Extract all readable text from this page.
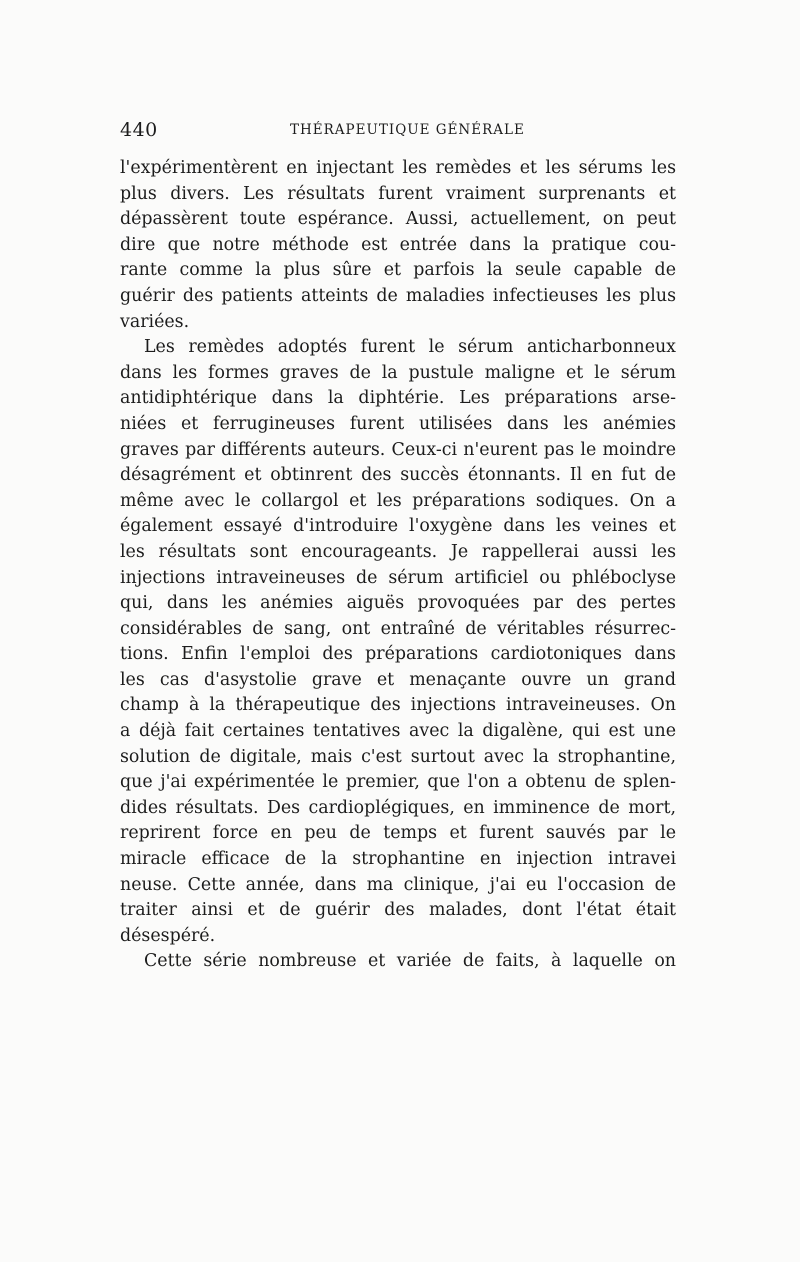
440	THÉRAPEUTIQUE GÉNÉRALE
l'expérimentèrent en injectant les remèdes et les sérums les
plus divers. Les résultats furent vraiment surprenants et
dépassèrent toute espérance. Aussi, actuellement, on peut
dire que notre méthode est entrée dans la pratique cou-
rante comme la plus sûre et parfois la seule capable de
guérir des patients atteints de maladies infectieuses les plus
variées.
Les remèdes adoptés furent le sérum anticharbonneux
dans les formes graves de la pustule maligne et le sérum
antidiphtérique dans la diphtérie. Les préparations arse-
niées et ferrugineuses furent utilisées dans les anémies
graves par différents auteurs. Ceux-ci n'eurent pas le moindre
désagrément et obtinrent des succès étonnants. Il en fut de
même avec le collargol et les préparations sodiques. On a
également essayé d'introduire l'oxygène dans les veines et
les résultats sont encourageants. Je rappellerai aussi les
injections intraveineuses de sérum artificiel ou phléboclyse
qui, dans les anémies aiguës provoquées par des pertes
considérables de sang, ont entraîné de véritables résurrec-
tions. Enfin l'emploi des préparations cardiotoniques dans
les cas d'asystolie grave et menaçante ouvre un grand
champ à la thérapeutique des injections intraveineuses. On
a déjà fait certaines tentatives avec la digalène, qui est une
solution de digitale, mais c'est surtout avec la strophantine,
que j'ai expérimentée le premier, que l'on a obtenu de splen-
dides résultats. Des cardioplégiques, en imminence de mort,
reprirent force en peu de temps et furent sauvés par le
miracle efficace de la strophantine en injection intravei
neuse. Cette année, dans ma clinique, j'ai eu l'occasion de
traiter ainsi et de guérir des malades, dont l'état était
désespéré.
Cette série nombreuse et variée de faits, à laquelle on
